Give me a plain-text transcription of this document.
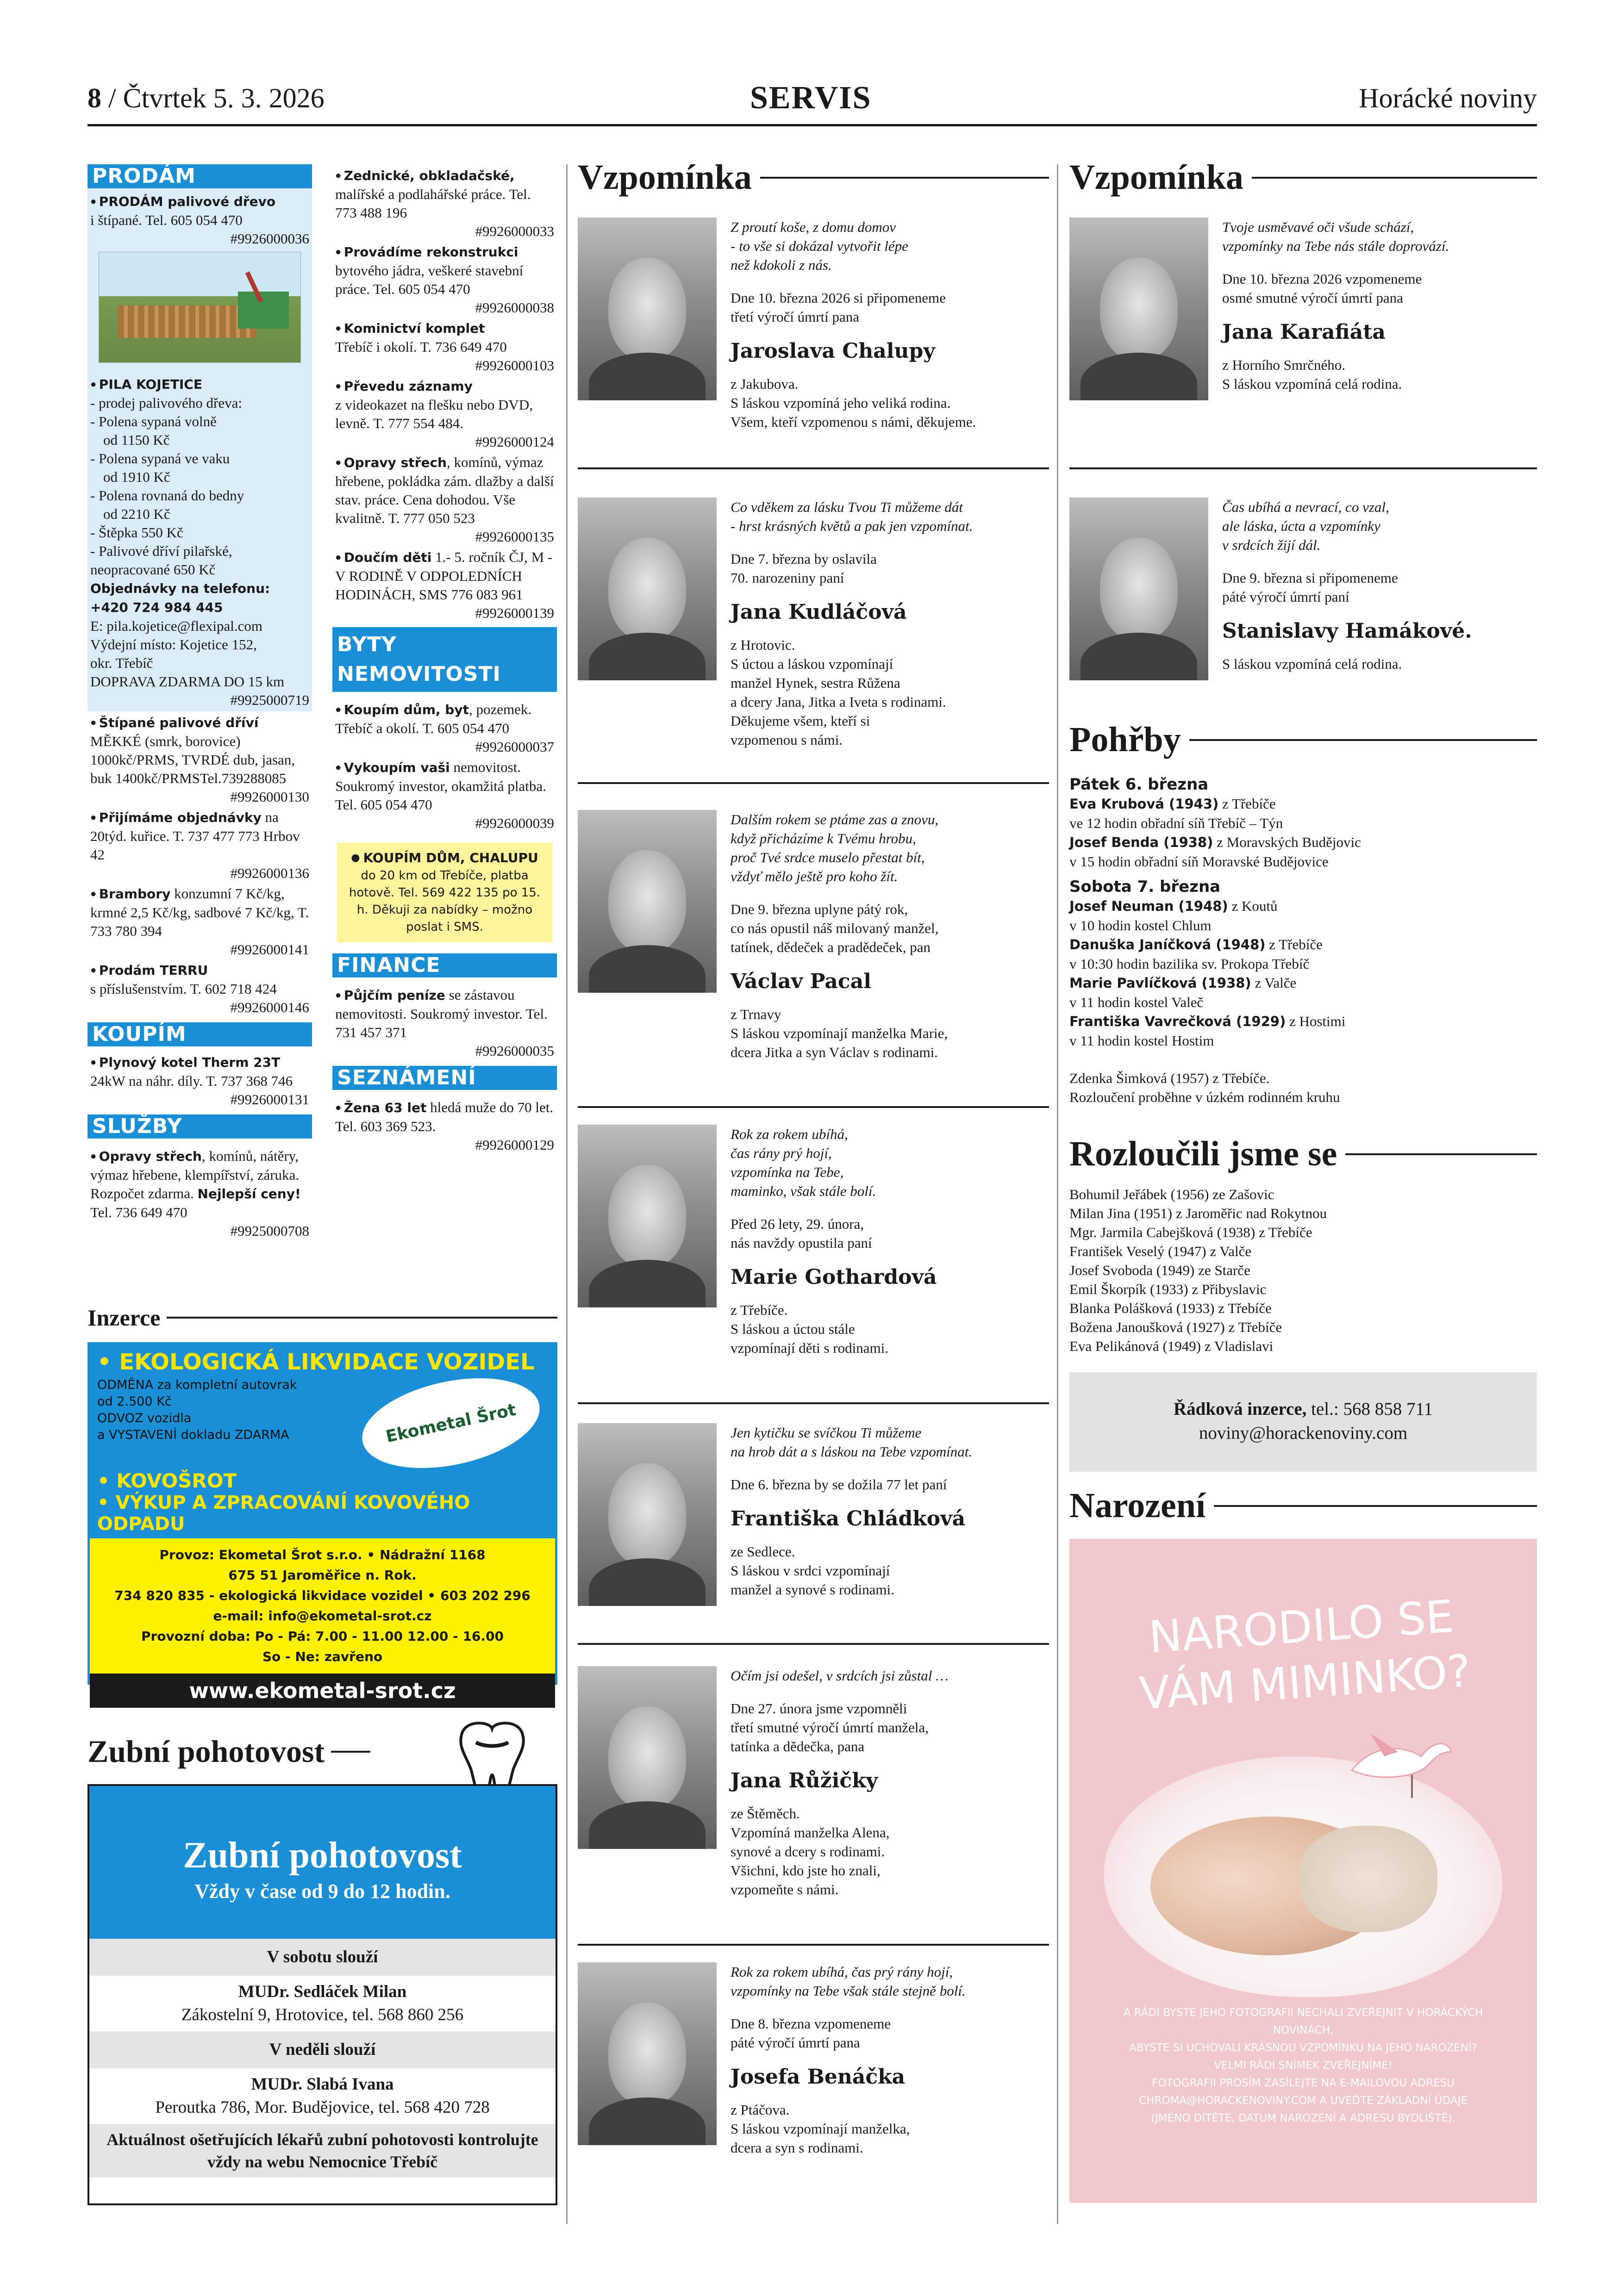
8 / Čtvrtek 5. 3. 2026	SERVIS	Horácké noviny
PRODÁM
● PRODÁM palivové dřevo
i štípané. Tel. 605 054 470
#9926000036
● PILA KOJETICE
- prodej palivového dřeva:
- Polena sypaná volně
od 1150 Kč
- Polena sypaná ve vaku
od 1910 Kč
- Polena rovnaná do bedny
od 2210 Kč
- Štěpka 550 Kč
- Palivové dříví pilařské,
neopracované 650 Kč
Objednávky na telefonu:
+420 724 984 445
E: pila.kojetice@flexipal.com
Výdejní místo: Kojetice 152,
okr. Třebíč
DOPRAVA ZDARMA DO 15 km
#9925000719
● Štípané palivové dříví MĚKKÉ (smrk, borovice) 1000kč/PRMS, TVRDÉ dub, jasan, buk 1400kč/PRMSTel.739288085
#9926000130
● Přijímáme objednávky na 20týd. kuřice. T. 737 477 773 Hrbov 42
#9926000136
● Brambory konzumní 7 Kč/kg, krmné 2,5 Kč/kg, sadbové 7 Kč/kg, T. 733 780 394
#9926000141
● Prodám TERRU
s příslušenstvím. T. 602 718 424
#9926000146
KOUPÍM
● Plynový kotel Therm 23T
24kW na náhr. díly. T. 737 368 746
#9926000131
SLUŽBY
● Opravy střech, komínů, nátěry, výmaz hřebene, klempířství, záruka. Rozpočet zdarma. Nejlepší ceny! Tel. 736 649 470
#9925000708
● Zednické, obkladačské,
malířské a podlahářské práce. Tel. 773 488 196
#9926000033
● Provádíme rekonstrukci
bytového jádra, veškeré stavební práce. Tel. 605 054 470
#9926000038
● Kominictví komplet
Třebíč i okolí. T. 736 649 470
#9926000103
● Převedu záznamy
z videokazet na flešku nebo DVD, levně. T. 777 554 484.
#9926000124
● Opravy střech, komínů, výmaz hřebene, pokládka zám. dlažby a další stav. práce. Cena dohodou. Vše kvalitně. T. 777 050 523
#9926000135
● Doučím děti 1.- 5. ročník ČJ, M - V RODINĚ V ODPOLEDNÍCH HODINÁCH, SMS 776 083 961
#9926000139
BYTY NEMOVITOSTI
● Koupím dům, byt, pozemek. Třebíč a okolí. T. 605 054 470
#9926000037
● Vykoupím vaši nemovitost. Soukromý investor, okamžitá platba. Tel. 605 054 470
#9926000039
● KOUPÍM DŮM, CHALUPU
do 20 km od Třebíče, platba hotově. Tel. 569 422 135 po 15. h. Děkuji za nabídky – možno poslat i SMS.
FINANCE
● Půjčím peníze se zástavou nemovitosti. Soukromý investor. Tel. 731 457 371
#9926000035
SEZNÁMENÍ
● Žena 63 let hledá muže do 70 let. Tel. 603 369 523.
#9926000129
Inzerce
• EKOLOGICKÁ LIKVIDACE VOZIDEL
ODMĚNA za kompletní autovrak
od 2.500 Kč
ODVOZ vozidla
a VYSTAVENÍ dokladu ZDARMA	Ekometal Šrot
• KOVOŠROT
• VÝKUP A ZPRACOVÁNÍ KOVOVÉHO ODPADU
Provoz: Ekometal Šrot s.r.o. • Nádražní 1168
675 51 Jaroměřice n. Rok.
734 820 835 - ekologická likvidace vozidel • 603 202 296
e-mail: info@ekometal-srot.cz
Provozní doba: Po - Pá: 7.00 - 11.00 12.00 - 16.00
So - Ne: zavřeno
www.ekometal-srot.cz
Zubní pohotovost
Zubní pohotovost
Vždy v čase od 9 do 12 hodin.
V sobotu slouží
MUDr. Sedláček Milan
Zákostelní 9, Hrotovice, tel. 568 860 256
V neděli slouží
MUDr. Slabá Ivana
Peroutka 786, Mor. Budějovice, tel. 568 420 728
Aktuálnost ošetřujících lékařů zubní pohotovosti kontrolujte vždy na webu Nemocnice Třebíč
Vzpomínka
Z proutí koše, z domu domov
- to vše si dokázal vytvořit lépe
než kdokoli z nás.
Dne 10. března 2026 si připomeneme
třetí výročí úmrtí pana
Jaroslava Chalupy
z Jakubova.
S láskou vzpomíná jeho veliká rodina.
Všem, kteří vzpomenou s námi, děkujeme.
Co vděkem za lásku Tvou Ti můžeme dát
- hrst krásných květů a pak jen vzpomínat.
Dne 7. března by oslavila
70. narozeniny paní
Jana Kudláčová
z Hrotovic.
S úctou a láskou vzpomínají
manžel Hynek, sestra Růžena
a dcery Jana, Jitka a Iveta s rodinami.
Děkujeme všem, kteří si
vzpomenou s námi.
Dalším rokem se ptáme zas a znovu,
když přicházíme k Tvému hrobu,
proč Tvé srdce muselo přestat bít,
vždyť mělo ještě pro koho žít.
Dne 9. března uplyne pátý rok,
co nás opustil náš milovaný manžel,
tatínek, dědeček a pradědeček, pan
Václav Pacal
z Trnavy
S láskou vzpomínají manželka Marie,
dcera Jitka a syn Václav s rodinami.
Rok za rokem ubíhá,
čas rány prý hojí,
vzpomínka na Tebe,
maminko, však stále bolí.
Před 26 lety, 29. února,
nás navždy opustila paní
Marie Gothardová
z Třebíče.
S láskou a úctou stále
vzpomínají děti s rodinami.
Jen kytičku se svíčkou Ti můžeme
na hrob dát a s láskou na Tebe vzpomínat.
Dne 6. března by se dožila 77 let paní
Františka Chládková
ze Sedlece.
S láskou v srdci vzpomínají
manžel a synové s rodinami.
Očím jsi odešel, v srdcích jsi zůstal …
Dne 27. února jsme vzpomněli
třetí smutné výročí úmrtí manžela,
tatínka a dědečka, pana
Jana Růžičky
ze Štěměch.
Vzpomíná manželka Alena,
synové a dcery s rodinami.
Všichni, kdo jste ho znali,
vzpomeňte s námi.
Rok za rokem ubíhá, čas prý rány hojí,
vzpomínky na Tebe však stále stejně bolí.
Dne 8. března vzpomeneme
páté výročí úmrtí pana
Josefa Benáčka
z Ptáčova.
S láskou vzpomínají manželka,
dcera a syn s rodinami.
Vzpomínka
Tvoje usměvavé oči všude schází,
vzpomínky na Tebe nás stále doprovází.
Dne 10. března 2026 vzpomeneme
osmé smutné výročí úmrtí pana
Jana Karafiáta
z Horního Smrčného.
S láskou vzpomíná celá rodina.
Čas ubíhá a nevrací, co vzal,
ale láska, úcta a vzpomínky
v srdcích žijí dál.
Dne 9. března si připomeneme
páté výročí úmrtí paní
Stanislavy Hamákové.
S láskou vzpomíná celá rodina.
Pohřby
Pátek 6. března
Eva Krubová (1943) z Třebíče
ve 12 hodin obřadní síň Třebíč – Týn
Josef Benda (1938) z Moravských Budějovic
v 15 hodin obřadní síň Moravské Budějovice
Sobota 7. března
Josef Neuman (1948) z Koutů
v 10 hodin kostel Chlum
Danuška Janíčková (1948) z Třebíče
v 10:30 hodin bazilika sv. Prokopa Třebíč
Marie Pavlíčková (1938) z Valče
v 11 hodin kostel Valeč
Františka Vavrečková (1929) z Hostimi
v 11 hodin kostel Hostim
Zdenka Šimková (1957) z Třebíče.
Rozloučení proběhne v úzkém rodinném kruhu
Rozloučili jsme se
Bohumil Jeřábek (1956) ze Zašovic
Milan Jina (1951) z Jaroměřic nad Rokytnou
Mgr. Jarmila Cabejšková (1938) z Třebíče
František Veselý (1947) z Valče
Josef Svoboda (1949) ze Starče
Emil Škorpík (1933) z Přibyslavic
Blanka Polášková (1933) z Třebíče
Božena Janoušková (1927) z Třebíče
Eva Pelikánová (1949) z Vladislavi
Řádková inzerce, tel.: 568 858 711
noviny@horackenoviny.com
Narození
NARODILO SE
VÁM MIMINKO?
A RÁDI BYSTE JEHO FOTOGRAFII NECHALI ZVEŘEJNIT V HORÁCKÝCH NOVINÁCH,
ABYSTE SI UCHOVALI KRÁSNOU VZPOMÍNKU NA JEHO NAROZENÍ?
VELMI RÁDI SNÍMEK ZVEŘEJNÍME!
FOTOGRAFII PROSÍM ZASÍLEJTE NA E-MAILOVOU ADRESU
CHROMA@HORACKENOVINY.COM A UVEĎTE ZÁKLADNÍ ÚDAJE
(JMÉNO DÍTĚTE, DATUM NAROZENÍ A ADRESU BYDLIŠTĚ).
